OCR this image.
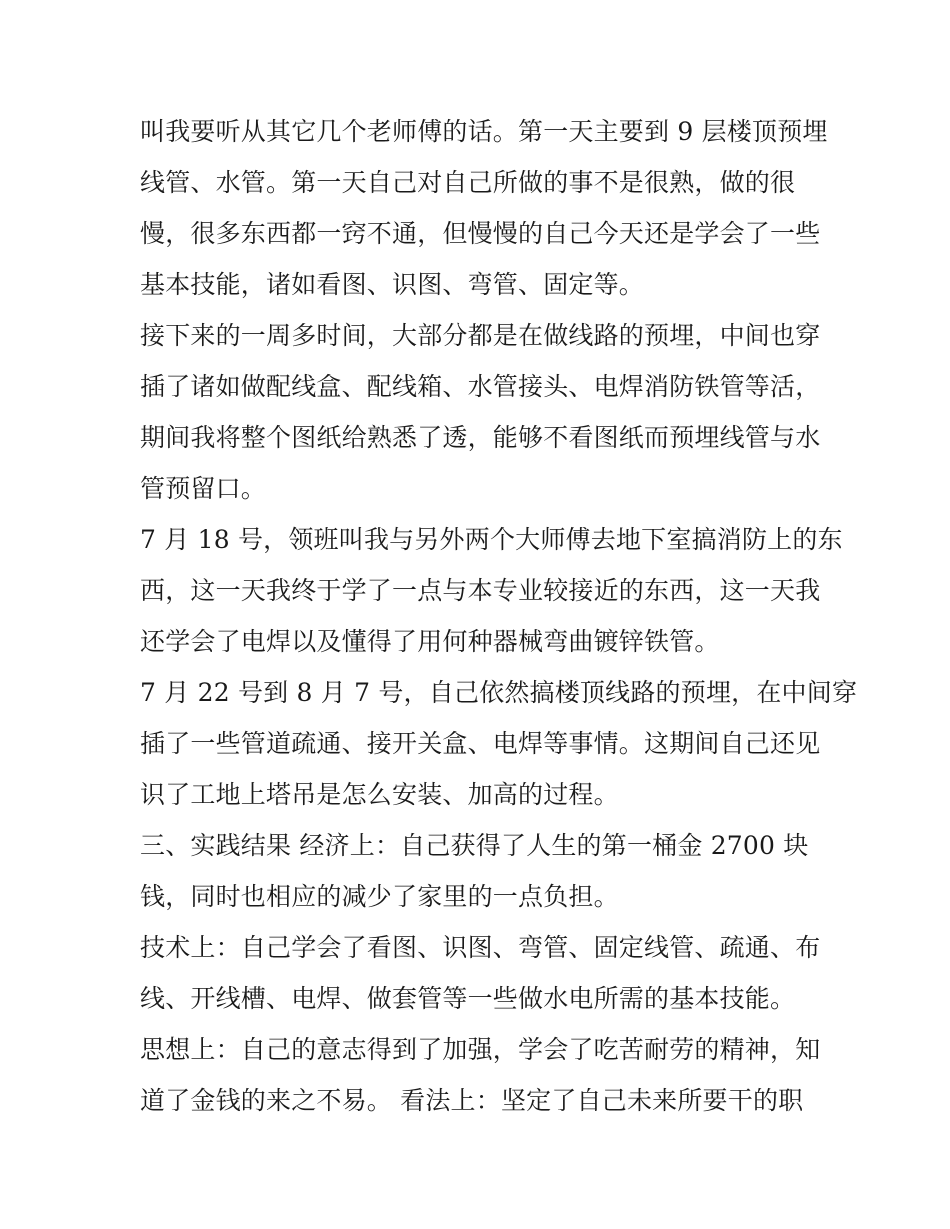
叫我要听从其它几个老师傅的话。第一天主要到 9 层楼顶预埋
线管、水管。第一天自己对自己所做的事不是很熟，做的很
慢，很多东西都一窍不通，但慢慢的自己今天还是学会了一些
基本技能，诸如看图、识图、弯管、固定等。
接下来的一周多时间，大部分都是在做线路的预埋，中间也穿
插了诸如做配线盒、配线箱、水管接头、电焊消防铁管等活，
期间我将整个图纸给熟悉了透，能够不看图纸而预埋线管与水
管预留口。
7 月 18 号，领班叫我与另外两个大师傅去地下室搞消防上的东
西，这一天我终于学了一点与本专业较接近的东西，这一天我
还学会了电焊以及懂得了用何种器械弯曲镀锌铁管。
7 月 22 号到 8 月 7 号，自己依然搞楼顶线路的预埋，在中间穿
插了一些管道疏通、接开关盒、电焊等事情。这期间自己还见
识了工地上塔吊是怎么安装、加高的过程。
三、实践结果 经济上：自己获得了人生的第一桶金 2700 块
钱，同时也相应的减少了家里的一点负担。
技术上：自己学会了看图、识图、弯管、固定线管、疏通、布
线、开线槽、电焊、做套管等一些做水电所需的基本技能。
思想上：自己的意志得到了加强，学会了吃苦耐劳的精神，知
道了金钱的来之不易。 看法上：坚定了自己未来所要干的职
